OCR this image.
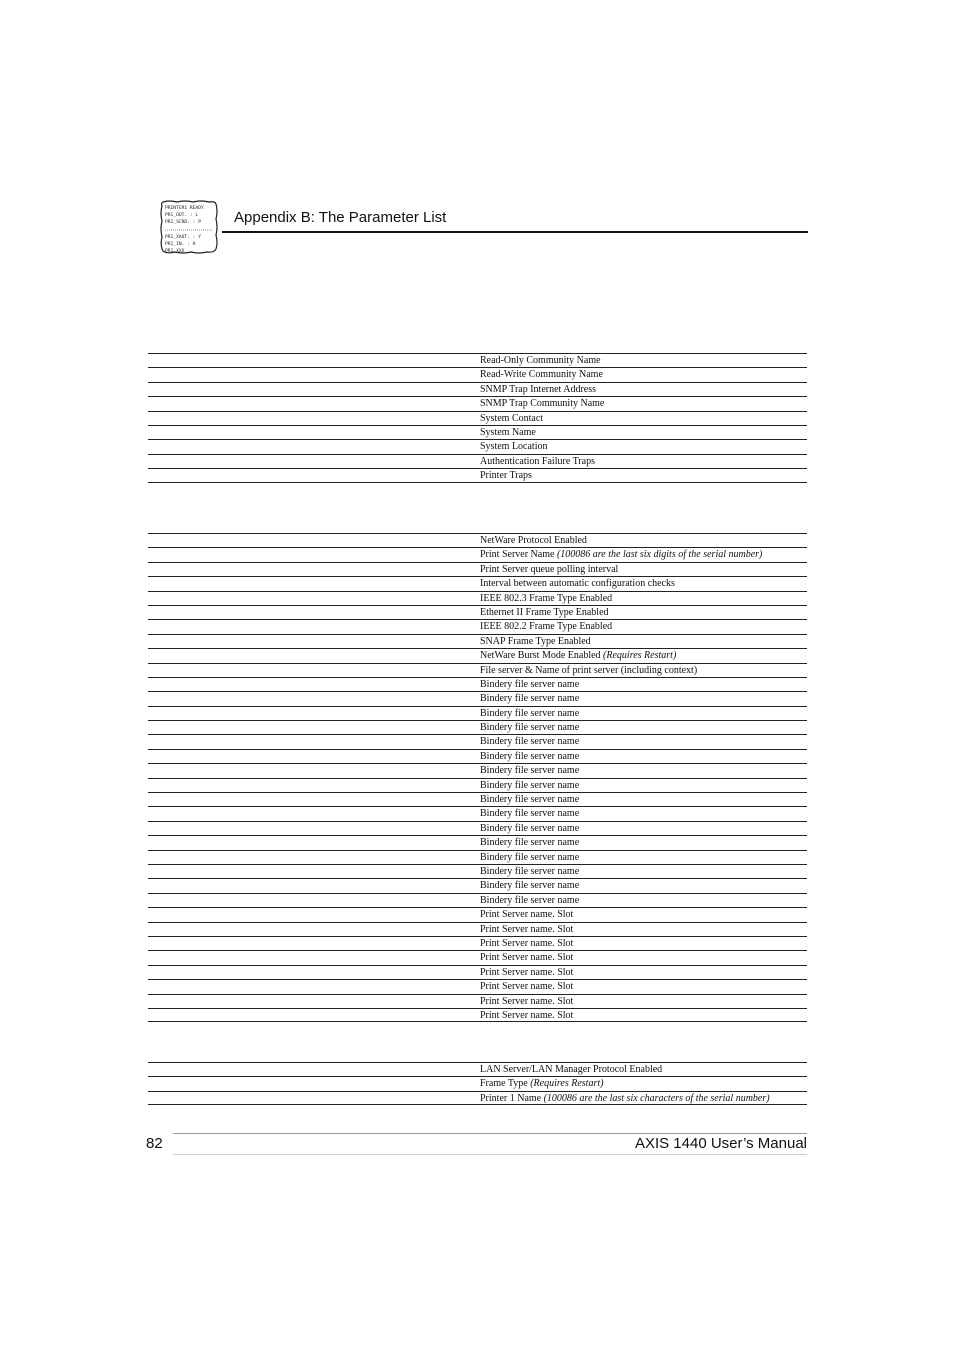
PRINTER1 READY
PR1_OUT. : L
PR1_SCRD. : P
PR1_XAUT. : Y
PR1_IN. : H
PR1_XXX
Appendix B: The Parameter List
Read-Only Community Name
Read-Write Community Name
SNMP Trap Internet Address
SNMP Trap Community Name
System Contact
System Name
System Location
Authentication Failure Traps
Printer Traps
NetWare Protocol Enabled
Print Server Name (100086 are the last six digits of the serial number)
Print Server queue polling interval
Interval between automatic configuration checks
IEEE 802.3 Frame Type Enabled
Ethernet II Frame Type Enabled
IEEE 802.2 Frame Type Enabled
SNAP Frame Type Enabled
NetWare Burst Mode Enabled (Requires Restart)
File server & Name of print server (including context)
Bindery file server name
Bindery file server name
Bindery file server name
Bindery file server name
Bindery file server name
Bindery file server name
Bindery file server name
Bindery file server name
Bindery file server name
Bindery file server name
Bindery file server name
Bindery file server name
Bindery file server name
Bindery file server name
Bindery file server name
Bindery file server name
Print Server name. Slot
Print Server name. Slot
Print Server name. Slot
Print Server name. Slot
Print Server name. Slot
Print Server name. Slot
Print Server name. Slot
Print Server name. Slot
LAN Server/LAN Manager Protocol Enabled
Frame Type (Requires Restart)
Printer 1 Name (100086 are the last six characters of the serial number)
82	AXIS 1440 User’s Manual
